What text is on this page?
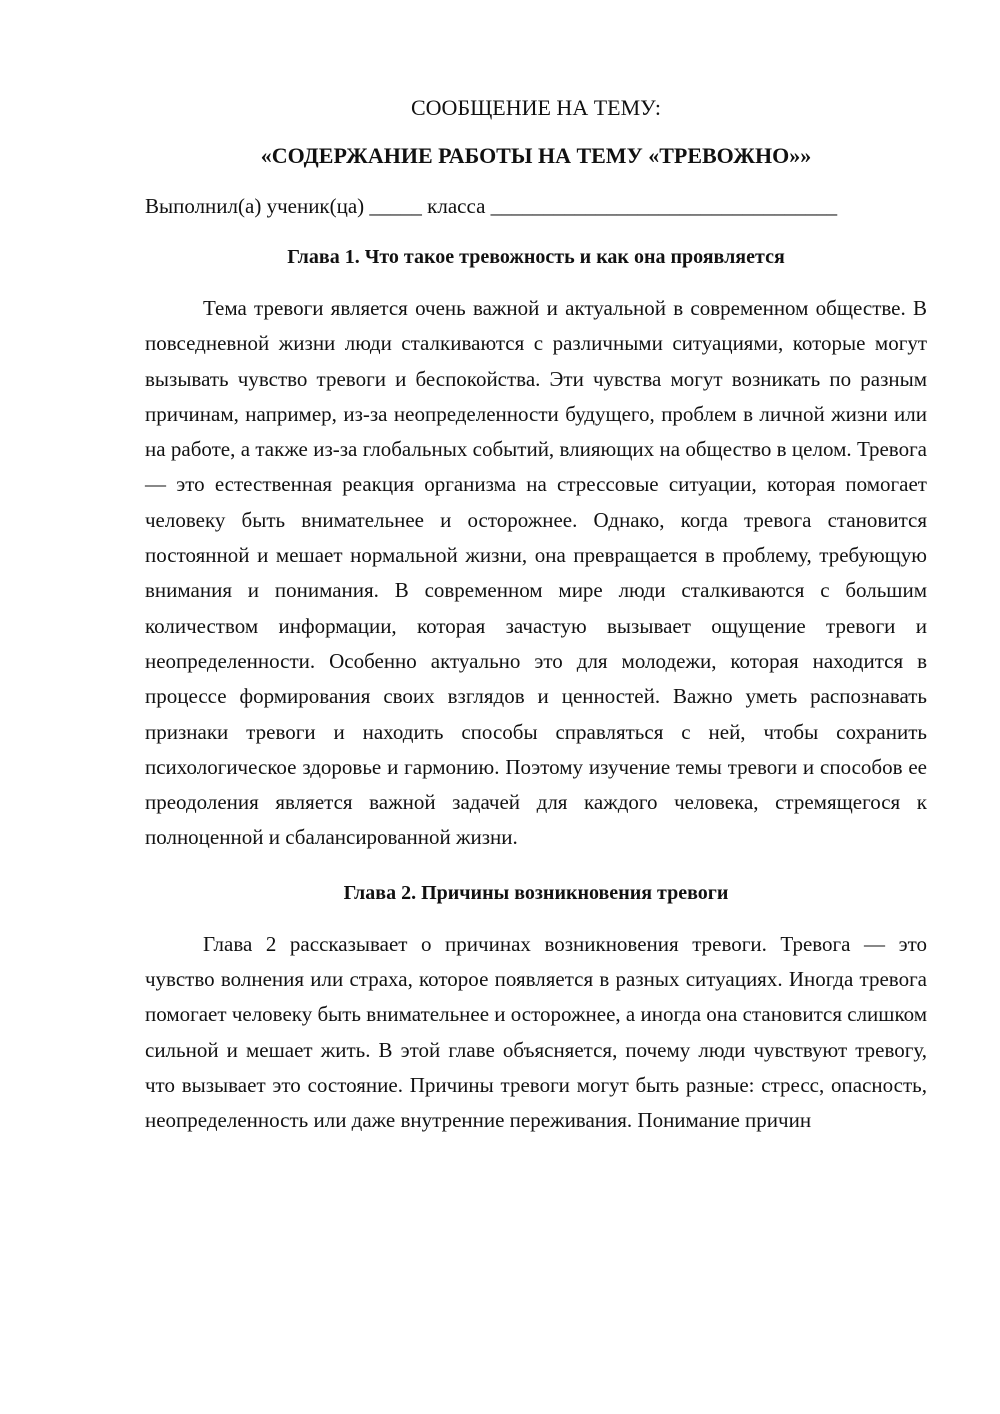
СООБЩЕНИЕ НА ТЕМУ:

«СОДЕРЖАНИЕ РАБОТЫ НА ТЕМУ «ТРЕВОЖНО»»

Выполнил(а) ученик(ца) _____ класса _________________________________

Глава 1. Что такое тревожность и как она проявляется

Тема тревоги является очень важной и актуальной в современном обществе. В повседневной жизни люди сталкиваются с различными ситуациями, которые могут вызывать чувство тревоги и беспокойства. Эти чувства могут возникать по разным причинам, например, из-за неопределенности будущего, проблем в личной жизни или на работе, а также из-за глобальных событий, влияющих на общество в целом. Тревога — это естественная реакция организма на стрессовые ситуации, которая помогает человеку быть внимательнее и осторожнее. Однако, когда тревога становится постоянной и мешает нормальной жизни, она превращается в проблему, требующую внимания и понимания. В современном мире люди сталкиваются с большим количеством информации, которая зачастую вызывает ощущение тревоги и неопределенности. Особенно актуально это для молодежи, которая находится в процессе формирования своих взглядов и ценностей. Важно уметь распознавать признаки тревоги и находить способы справляться с ней, чтобы сохранить психологическое здоровье и гармонию. Поэтому изучение темы тревоги и способов ее преодоления является важной задачей для каждого человека, стремящегося к полноценной и сбалансированной жизни.

Глава 2. Причины возникновения тревоги

Глава 2 рассказывает о причинах возникновения тревоги. Тревога — это чувство волнения или страха, которое появляется в разных ситуациях. Иногда тревога помогает человеку быть внимательнее и осторожнее, а иногда она становится слишком сильной и мешает жить. В этой главе объясняется, почему люди чувствуют тревогу, что вызывает это состояние. Причины тревоги могут быть разные: стресс, опасность, неопределенность или даже внутренние переживания. Понимание причин
